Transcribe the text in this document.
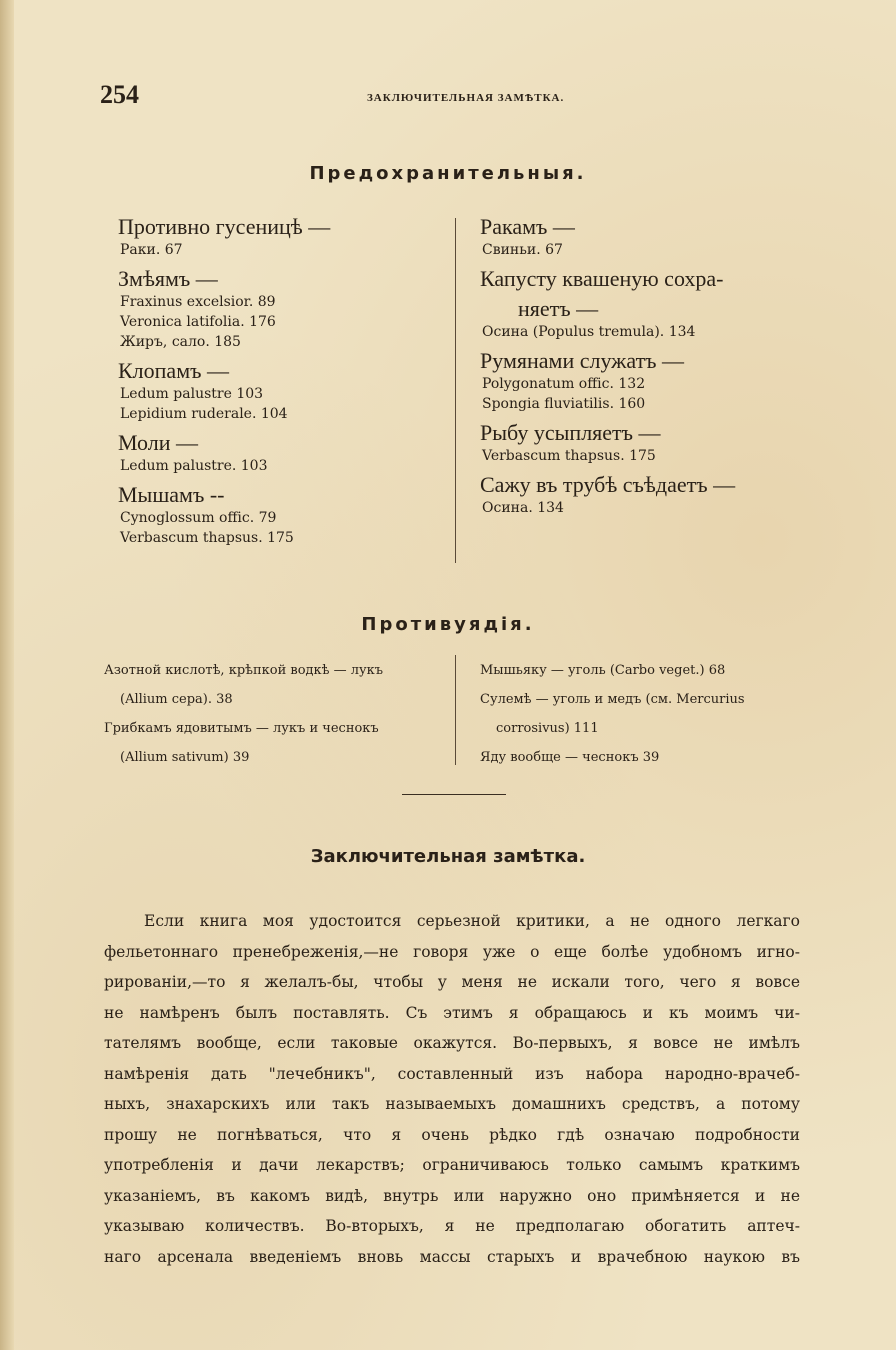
254	ЗАКЛЮЧИТЕЛЬНАЯ ЗАМѢТКА.
Предохранительныя.
Противно гусеницѣ —
Раки. 67
Змѣямъ —
Fraxinus excelsior. 89
Veronica latifolia. 176
Жиръ, сало. 185
Клопамъ —
Ledum palustre 103
Lepidium ruderale. 104
Моли —
Ledum palustre. 103
Мышамъ --
Cynoglossum offic. 79
Verbascum thapsus. 175
Ракамъ —
Свиньи. 67
Капусту квашеную сохра-
няетъ —
Осина (Populus tremula). 134
Румянами служатъ —
Polygonatum offic. 132
Spongia fluviatilis. 160
Рыбу усыпляетъ —
Verbascum thapsus. 175
Сажу въ трубѣ съѣдаетъ —
Осина. 134
Противуядія.
Азотной кислотѣ, крѣпкой водкѣ — лукъ
(Allium cepa). 38
Грибкамъ ядовитымъ — лукъ и чеснокъ
(Allium sativum) 39
Мышьяку — уголь (Carbo veget.) 68
Сулемѣ — уголь и медъ (см. Mercurius
corrosivus) 111
Яду вообще — чеснокъ 39
Заключительная замѣтка.
Если книга моя удостоится серьезной критики, а не одного легкаго
фельетоннаго пренебреженія,—не говоря уже о еще болѣе удобномъ игно-
рированіи,—то я желалъ-бы, чтобы у меня не искали того, чего я вовсе
не намѣренъ былъ поставлять. Съ этимъ я обращаюсь и къ моимъ чи-
тателямъ вообще, если таковые окажутся. Во-первыхъ, я вовсе не имѣлъ
намѣренія дать "лечебникъ", составленный изъ набора народно-врачеб-
ныхъ, знахарскихъ или такъ называемыхъ домашнихъ средствъ, а потому
прошу не погнѣваться, что я очень рѣдко гдѣ означаю подробности
употребленія и дачи лекарствъ; ограничиваюсь только самымъ краткимъ
указаніемъ, въ какомъ видѣ, внутрь или наружно оно примѣняется и не
указываю количествъ. Во-вторыхъ, я не предполагаю обогатить аптеч-
наго арсенала введеніемъ вновь массы старыхъ и врачебною наукою въ
